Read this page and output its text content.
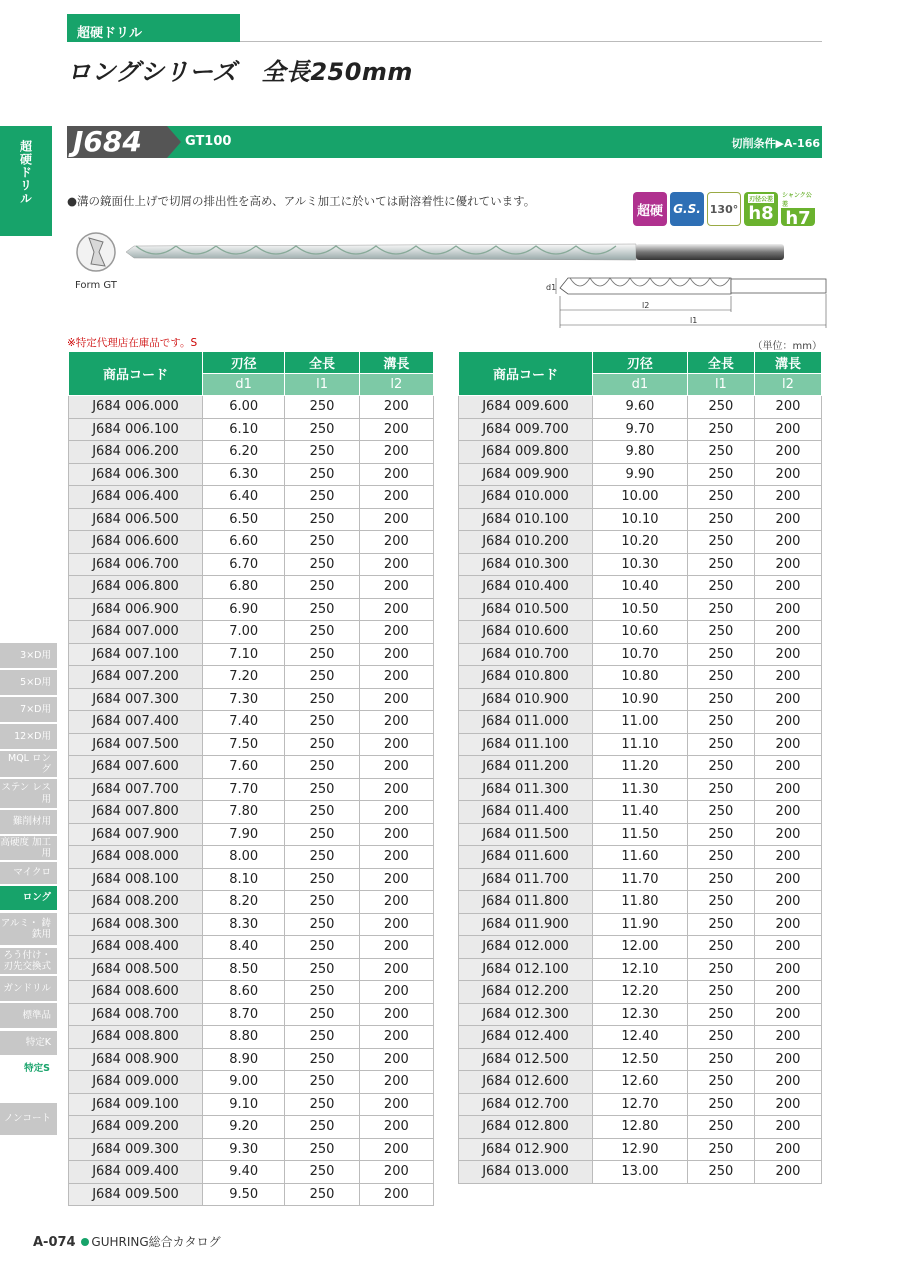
超硬ドリル
ロングシリーズ　全長250mm
超硬ドリル J684	GT100	切削条件▶A-166
●溝の鏡面仕上げで切屑の排出性を高め、アルミ加工に於いては耐溶着性に優れています。
超硬 G.S. 130°
刃径公差
h8
シャンク公差
h7
Form GT	d1
l2
l1
※特定代理店在庫品です。S	（単位：mm）
商品コード	刃径	全長	溝長
	d1	l1	l2
J684 006.000	6.00	250	200
J684 006.100	6.10	250	200
J684 006.200	6.20	250	200
J684 006.300	6.30	250	200
J684 006.400	6.40	250	200
J684 006.500	6.50	250	200
J684 006.600	6.60	250	200
J684 006.700	6.70	250	200
J684 006.800	6.80	250	200
J684 006.900	6.90	250	200
J684 007.000	7.00	250	200
J684 007.100	7.10	250	200
J684 007.200	7.20	250	200
J684 007.300	7.30	250	200
J684 007.400	7.40	250	200
J684 007.500	7.50	250	200
J684 007.600	7.60	250	200
J684 007.700	7.70	250	200
J684 007.800	7.80	250	200
J684 007.900	7.90	250	200
J684 008.000	8.00	250	200
J684 008.100	8.10	250	200
J684 008.200	8.20	250	200
J684 008.300	8.30	250	200
J684 008.400	8.40	250	200
J684 008.500	8.50	250	200
J684 008.600	8.60	250	200
J684 008.700	8.70	250	200
J684 008.800	8.80	250	200
J684 008.900	8.90	250	200
J684 009.000	9.00	250	200
J684 009.100	9.10	250	200
J684 009.200	9.20	250	200
J684 009.300	9.30	250	200
J684 009.400	9.40	250	200
J684 009.500	9.50	250	200
商品コード	刃径	全長	溝長
	d1	l1	l2
J684 009.600	9.60	250	200
J684 009.700	9.70	250	200
J684 009.800	9.80	250	200
J684 009.900	9.90	250	200
J684 010.000	10.00	250	200
J684 010.100	10.10	250	200
J684 010.200	10.20	250	200
J684 010.300	10.30	250	200
J684 010.400	10.40	250	200
J684 010.500	10.50	250	200
J684 010.600	10.60	250	200
J684 010.700	10.70	250	200
J684 010.800	10.80	250	200
J684 010.900	10.90	250	200
J684 011.000	11.00	250	200
J684 011.100	11.10	250	200
J684 011.200	11.20	250	200
J684 011.300	11.30	250	200
J684 011.400	11.40	250	200
J684 011.500	11.50	250	200
J684 011.600	11.60	250	200
J684 011.700	11.70	250	200
J684 011.800	11.80	250	200
J684 011.900	11.90	250	200
J684 012.000	12.00	250	200
J684 012.100	12.10	250	200
J684 012.200	12.20	250	200
J684 012.300	12.30	250	200
J684 012.400	12.40	250	200
J684 012.500	12.50	250	200
J684 012.600	12.60	250	200
J684 012.700	12.70	250	200
J684 012.800	12.80	250	200
J684 012.900	12.90	250	200
J684 013.000	13.00	250	200
3×D用
5×D用
7×D用
12×D用
MQL ロング
ステン レス用
難削材用
高硬度 加工用
マイクロ
ロング
アルミ・ 鋳鉄用
ろう付け・ 刃先交換式
ガンドリル
標準品
特定K
特定S
ノンコート
A-074 GUHRING総合カタログ
